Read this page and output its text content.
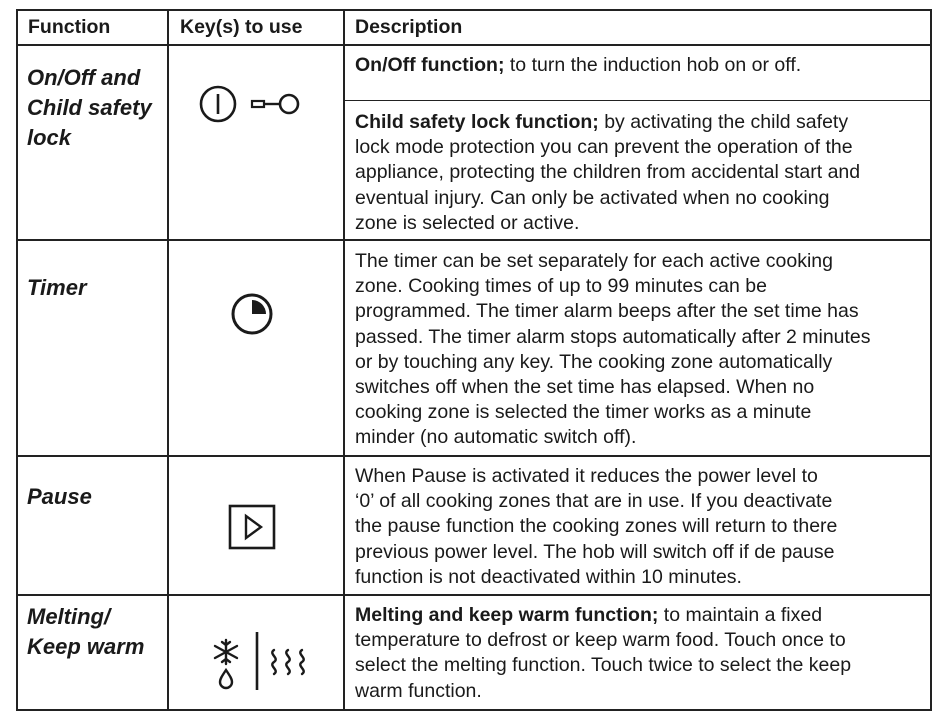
Function	Key(s) to use	Description
On/Off and
Child safety
lock
On/Off function; to turn the induction hob on or off.
Child safety lock function; by activating the child safety
lock mode protection you can prevent the operation of the
appliance, protecting the children from accidental start and
eventual injury. Can only be activated when no cooking
zone is selected or active.
Timer
The timer can be set separately for each active cooking
zone. Cooking times of up to 99 minutes can be
programmed. The timer alarm beeps after the set time has
passed. The timer alarm stops automatically after 2 minutes
or by touching any key. The cooking zone automatically
switches off when the set time has elapsed. When no
cooking zone is selected the timer works as a minute
minder (no automatic switch off).
Pause
When Pause is activated it reduces the power level to
‘0’ of all cooking zones that are in use. If you deactivate
the pause function the cooking zones will return to there
previous power level. The hob will switch off if de pause
function is not deactivated within 10 minutes.
Melting/
Keep warm
Melting and keep warm function; to maintain a fixed
temperature to defrost or keep warm food. Touch once to
select the melting function. Touch twice to select the keep
warm function.
